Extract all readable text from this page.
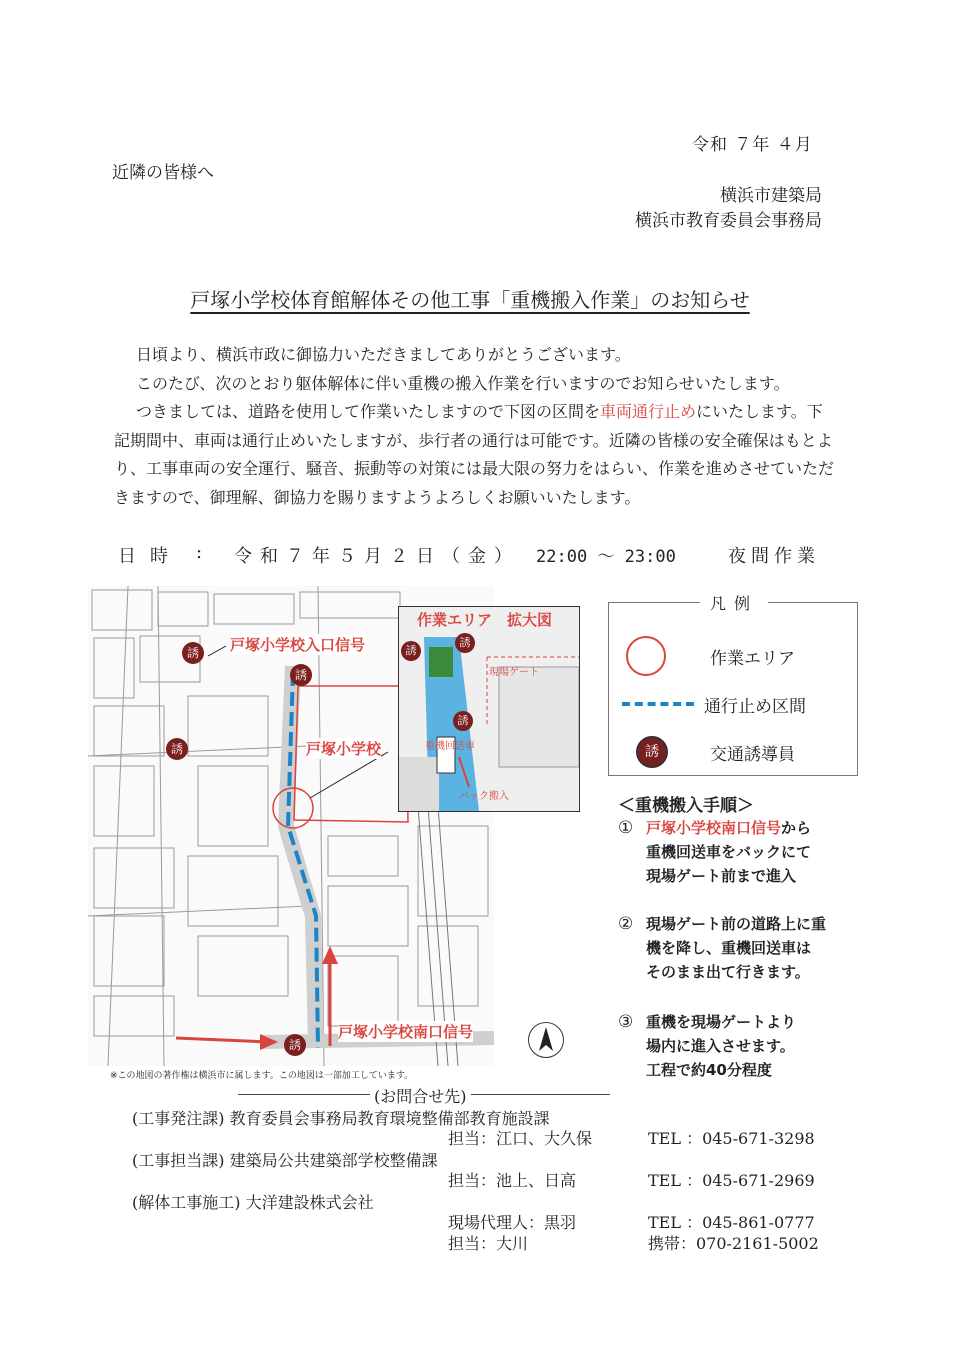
令和 ７年 ４月
近隣の皆様へ
横浜市建築局
横浜市教育委員会事務局
戸塚小学校体育館解体その他工事「重機搬入作業」のお知らせ

日頃より、横浜市政に御協力いただきましてありがとうございます。

このたび、次のとおり躯体解体に伴い重機の搬入作業を行いますのでお知らせいたします。

つきましては、道路を使用して作業いたしますので下図の区間を車両通行止めにいたします。下記期間中、車両は通行止めいたしますが、歩行者の通行は可能です。近隣の皆様の安全確保はもとより、工事車両の安全運行、騒音、振動等の対策には最大限の努力をはらい、作業を進めさせていただきますので、御理解、御協力を賜りますようよろしくお願いいたします。

日時 : 令和７年５月２日（金） 22:00 〜 23:00	夜間作業
誘
誘
誘
誘
戸塚小学校入口信号
戸塚小学校
戸塚小学校南口信号
作業エリア　拡大図
現場ゲート
重機回送車
バック搬入
誘
誘
誘
※この地図の著作権は横浜市に属します。この地図は一部加工しています。
凡例
作業エリア
通行止め区間
誘	交通誘導員
＜重機搬入手順＞
① 戸塚小学校南口信号から
重機回送車をバックにて
現場ゲート前まで進入
② 現場ゲート前の道路上に重
機を降し、重機回送車は
そのまま出て行きます。
③ 重機を現場ゲートより
場内に進入させます。
工程で約40分程度
(お問合せ先)
(工事発注課) 教育委員会事務局教育環境整備部教育施設課
担当：江口、大久保	TEL ：045-671-3298
(工事担当課) 建築局公共建築部学校整備課
担当：池上、日高	TEL ：045-671-2969
(解体工事施工) 大洋建設株式会社
現場代理人：黒羽	TEL ：045-861-0777
担当：大川	携帯：070-2161-5002
